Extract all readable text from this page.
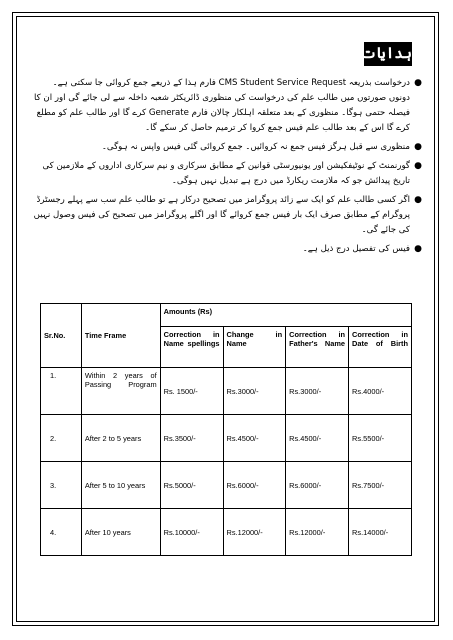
ہدایات
●
درخواست بذریعہ CMS Student Service Request فارم ہذا کے ذریعے جمع کروائی جا سکتی ہے۔ دونوں صورتوں میں طالب علم کی درخواست کی منظوری ڈائریکٹر شعبہ داخلہ سے لی جائے گی اور ان کا فیصلہ حتمی ہوگا۔ منظوری کے بعد متعلقہ اہلکار چالان فارم Generate کرے گا اور طالب علم کو مطلع کرے گا اس کے بعد طالب علم فیس جمع کروا کر ترمیم حاصل کر سکے گا۔
●
منظوری سے قبل ہرگز فیس جمع نہ کروائیں۔ جمع کروائی گئی فیس واپس نہ ہوگی۔
●
گورنمنٹ کے نوٹیفکیشن اور یونیورسٹی قوانین کے مطابق سرکاری و نیم سرکاری اداروں کے ملازمین کی تاریخ پیدائش جو کہ ملازمت ریکارڈ میں درج ہے تبدیل نہیں ہوگی۔
●
اگر کسی طالب علم کو ایک سے زائد پروگرامز میں تصحیح درکار ہے تو طالب علم سب سے پہلے رجسٹرڈ پروگرام کے مطابق صرف ایک بار فیس جمع کروائے گا اور اگلے پروگرامز میں تصحیح کی فیس وصول نہیں کی جائے گی۔
●
فیس کی تفصیل درج ذیل ہے۔
Sr.No.	Time Frame	Amounts (Rs)			
		Correction in Name spellings	Change in Name	Correction in Father's Name	Correction in Date of Birth
1.	Within 2 years of Passing Program	Rs. 1500/-	Rs.3000/-	Rs.3000/-	Rs.4000/-
2.	After 2 to 5 years	Rs.3500/-	Rs.4500/-	Rs.4500/-	Rs.5500/-
3.	After 5 to 10 years	Rs.5000/-	Rs.6000/-	Rs.6000/-	Rs.7500/-
4.	After 10 years	Rs.10000/-	Rs.12000/-	Rs.12000/-	Rs.14000/-
